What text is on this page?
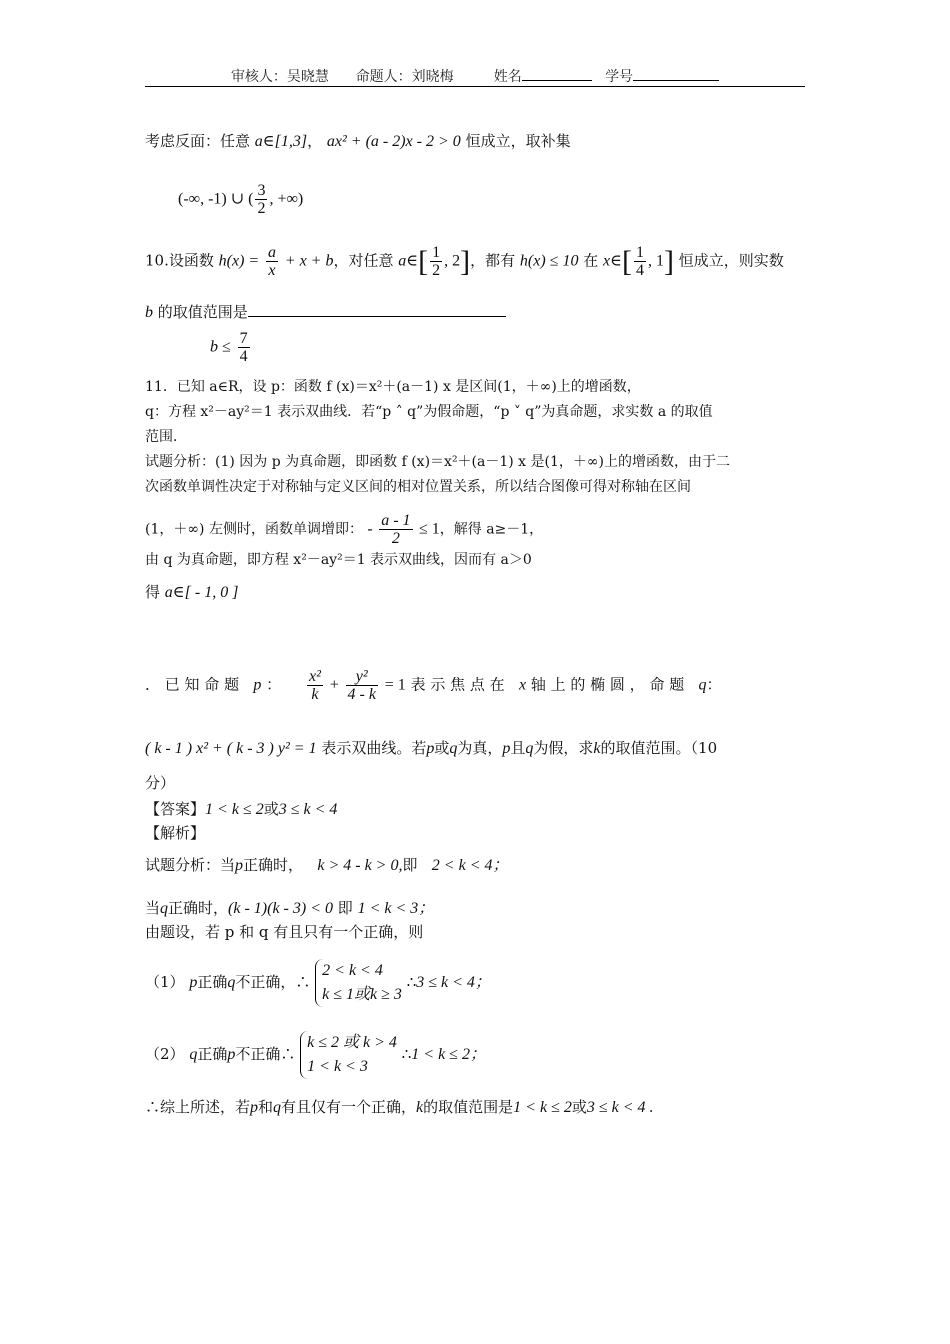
审核人：吴晓慧 命题人：刘晓梅	姓名	学号
考虑反面：任意 a∈[1,3]， ax² + (a - 2)x - 2 > 0 恒成立，取补集
(-∞, -1) ∪ ( $\frac{3}{2}$ , +∞)
10.设函数 $h(x) = \frac{a}{x} + x + b$，对任意 a∈[ $\frac{1}{2}$ , 2]，都有 h(x) ≤ 10 在 x∈[ $\frac{1}{4}$ , 1] 恒成立，则实数
b 的取值范围是
$b \le \frac{7}{4}$
11．已知 a∈R，设 p：函数 f (x)＝x²＋(a－1) x 是区间(1，＋∞)上的增函数，
q：方程 x²－ay²＝1 表示双曲线．若“p ˄ q”为假命题，“p ˅ q”为真命题，求实数 a 的取值
范围．
试题分析：(1) 因为 p 为真命题，即函数 f (x)＝x²＋(a－1) x 是(1，＋∞)上的增函数，由于二
次函数单调性决定于对称轴与定义区间的相对位置关系，所以结合图像可得对称轴在区间
(1，＋∞) 左侧时，函数单调增即： - $\frac{a - 1}{2} \le 1$，解得 a≥－1，
由 q 为真命题，即方程 x²－ay²＝1 表示双曲线，因而有 a＞0
得 a∈[ - 1, 0 ]
． 已 知 命 题 p ： $\frac{\text{x²}}{k} + \frac{\text{y²}}{4 - k} = 1$ 表 示 焦 点 在 x 轴 上 的 椭 圆 ， 命 题 q：
( k - 1 ) x² + ( k - 3 ) y² = 1 表示双曲线。若p或q为真，p且q为假，求k的取值范围。（10
分）
【答案】1 < k ≤ 2或3 ≤ k < 4
【解析】
试题分析：当p正确时， k > 4 - k > 0,即 2 < k < 4；
当q正确时，(k - 1)(k - 3) < 0 即 1 < k < 3；
由题设，若 p 和 q 有且只有一个正确，则
（1） p正确q不正确，∴
2 < k < 4
k ≤ 1或k ≥ 3
∴3 ≤ k < 4；
（2） q正确p不正确∴
k ≤ 2 或 k > 4
1 < k < 3
∴1 < k ≤ 2；
∴综上所述，若p和q有且仅有一个正确，k的取值范围是1 < k ≤ 2或3 ≤ k < 4 .
